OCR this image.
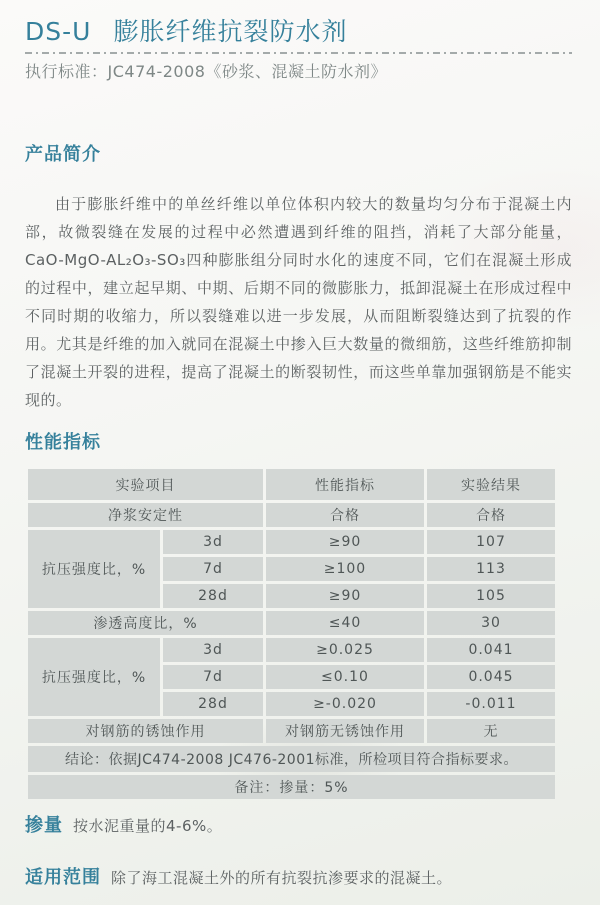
DS-U 膨胀纤维抗裂防水剂
执行标准：JC474-2008《砂浆、混凝土防水剂》
产品简介

由于膨胀纤维中的单丝纤维以单位体积内较大的数量均匀分布于混凝土内部，故微裂缝在发展的过程中必然遭遇到纤维的阻挡，消耗了大部分能量，CaO-MgO-AL₂O₃-SO₃四种膨胀组分同时水化的速度不同，它们在混凝土形成的过程中，建立起早期、中期、后期不同的微膨胀力，抵卸混凝土在形成过程中不同时期的收缩力，所以裂缝难以进一步发展，从而阻断裂缝达到了抗裂的作用。尤其是纤维的加入就同在混凝土中掺入巨大数量的微细筋，这些纤维筋抑制了混凝土开裂的进程，提高了混凝土的断裂韧性，而这些单靠加强钢筋是不能实现的。

性能指标
实验项目		性能指标	实验结果
净浆安定性		合格	合格
抗压强度比，%	3d	≥90	107
	7d	≥100	113
	28d	≥90	105
渗透高度比，%		≤40	30
抗压强度比，%	3d	≥0.025	0.041
	7d	≤0.10	0.045
	28d	≥-0.020	-0.011
对钢筋的锈蚀作用		对钢筋无锈蚀作用	无
结论：依据JC474-2008 JC476-2001标准，所检项目符合指标要求。			
备注：掺量：5%			
掺量 按水泥重量的4-6%。
适用范围 除了海工混凝土外的所有抗裂抗渗要求的混凝土。
